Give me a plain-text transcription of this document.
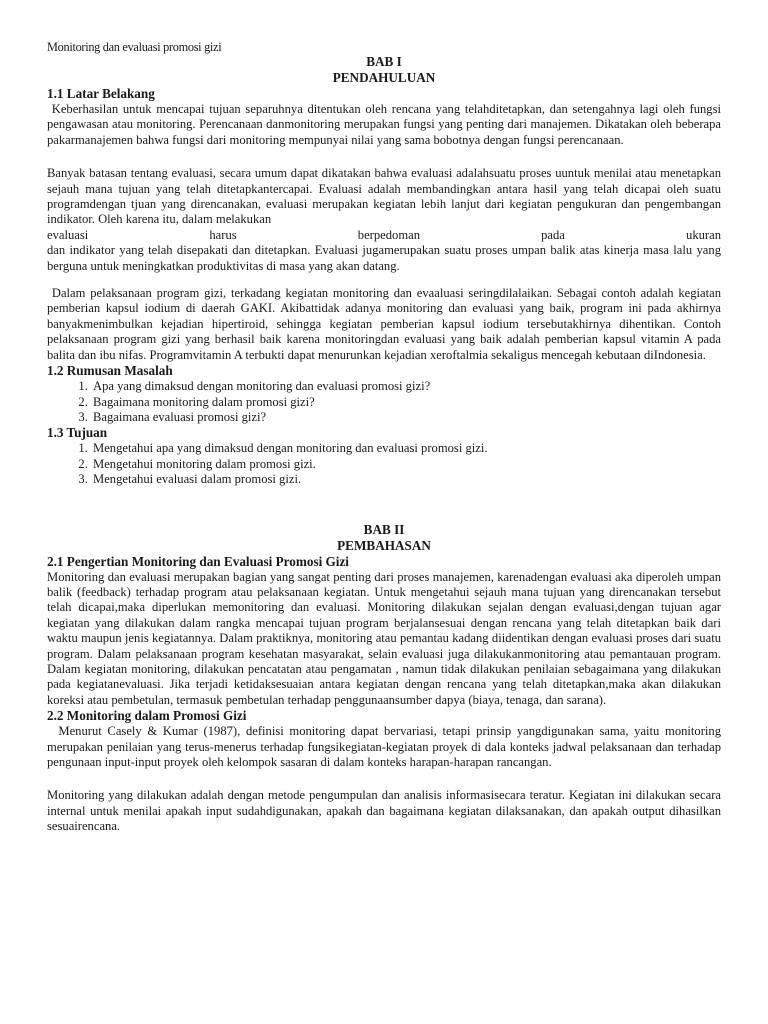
Monitoring dan evaluasi promosi gizi

BAB I
PENDAHULUAN
1.1 Latar Belakang

Keberhasilan untuk mencapai tujuan separuhnya ditentukan oleh rencana yang telahditetapkan, dan setengahnya lagi oleh fungsi pengawasan atau monitoring. Perencanaan danmonitoring merupakan fungsi yang penting dari manajemen. Dikatakan oleh beberapa pakarmanajemen bahwa fungsi dari monitoring mempunyai nilai yang sama bobotnya dengan fungsi perencanaan.

Banyak batasan tentang evaluasi, secara umum dapat dikatakan bahwa evaluasi adalahsuatu proses uuntuk menilai atau menetapkan sejauh mana tujuan yang telah ditetapkantercapai. Evaluasi adalah membandingkan antara hasil yang telah dicapai oleh suatu programdengan tjuan yang direncanakan, evaluasi merupakan kegiatan lebih lanjut dari kegiatan pengukuran dan pengembangan indikator. Oleh karena itu, dalam melakukan

evaluasi	harus	berpedoman	pada	ukuran

dan indikator yang telah disepakati dan ditetapkan. Evaluasi jugamerupakan suatu proses umpan balik atas kinerja masa lalu yang berguna untuk meningkatkan produktivitas di masa yang akan datang.

Dalam pelaksanaan program gizi, terkadang kegiatan monitoring dan evaaluasi seringdilalaikan. Sebagai contoh adalah kegiatan pemberian kapsul iodium di daerah GAKI. Akibattidak adanya monitoring dan evaluasi yang baik, program ini pada akhirnya banyakmenimbulkan kejadian hipertiroid, sehingga kegiatan pemberian kapsul iodium tersebutakhirnya dihentikan. Contoh pelaksanaan program gizi yang berhasil baik karena monitoringdan evaluasi yang baik adalah pemberian kapsul vitamin A pada balita dan ibu nifas. Programvitamin A terbukti dapat menurunkan kejadian xeroftalmia sekaligus mencegah kebutaan diIndonesia.

1.2 Rumusan Masalah
1. Apa yang dimaksud dengan monitoring dan evaluasi promosi gizi?
2. Bagaimana monitoring dalam promosi gizi?
3. Bagaimana evaluasi promosi gizi?
1.3 Tujuan
1. Mengetahui apa yang dimaksud dengan monitoring dan evaluasi promosi gizi.
2. Mengetahui monitoring dalam promosi gizi.
3. Mengetahui evaluasi dalam promosi gizi.
BAB II
PEMBAHASAN
2.1 Pengertian Monitoring dan Evaluasi Promosi Gizi

Monitoring dan evaluasi merupakan bagian yang sangat penting dari proses manajemen, karenadengan evaluasi aka diperoleh umpan balik (feedback) terhadap program atau pelaksanaan kegiatan. Untuk mengetahui sejauh mana tujuan yang direncanakan tersebut telah dicapai,maka diperlukan memonitoring dan evaluasi. Monitoring dilakukan sejalan dengan evaluasi,dengan tujuan agar kegiatan yang dilakukan dalam rangka mencapai tujuan program berjalansesuai dengan rencana yang telah ditetapkan baik dari waktu maupun jenis kegiatannya. Dalam praktiknya, monitoring atau pemantau kadang diidentikan dengan evaluasi proses dari suatu program. Dalam pelaksanaan program kesehatan masyarakat, selain evaluasi juga dilakukanmonitoring atau pemantauan program. Dalam kegiatan monitoring, dilakukan pencatatan atau pengamatan , namun tidak dilakukan penilaian sebagaimana yang dilakukan pada kegiatanevaluasi. Jika terjadi ketidaksesuaian antara kegiatan dengan rencana yang telah ditetapkan,maka akan dilakukan koreksi atau pembetulan, termasuk pembetulan terhadap penggunaansumber dapya (biaya, tenaga, dan sarana).

2.2 Monitoring dalam Promosi Gizi

Menurut Casely & Kumar (1987), definisi monitoring dapat bervariasi, tetapi prinsip yangdigunakan sama, yaitu monitoring merupakan penilaian yang terus-menerus terhadap fungsikegiatan-kegiatan proyek di dala konteks jadwal pelaksanaan dan terhadap pengunaan input-input proyek oleh kelompok sasaran di dalam konteks harapan-harapan rancangan.

Monitoring yang dilakukan adalah dengan metode pengumpulan dan analisis informasisecara teratur. Kegiatan ini dilakukan secara internal untuk menilai apakah input sudahdigunakan, apakah dan bagaimana kegiatan dilaksanakan, dan apakah output dihasilkan sesuairencana.
